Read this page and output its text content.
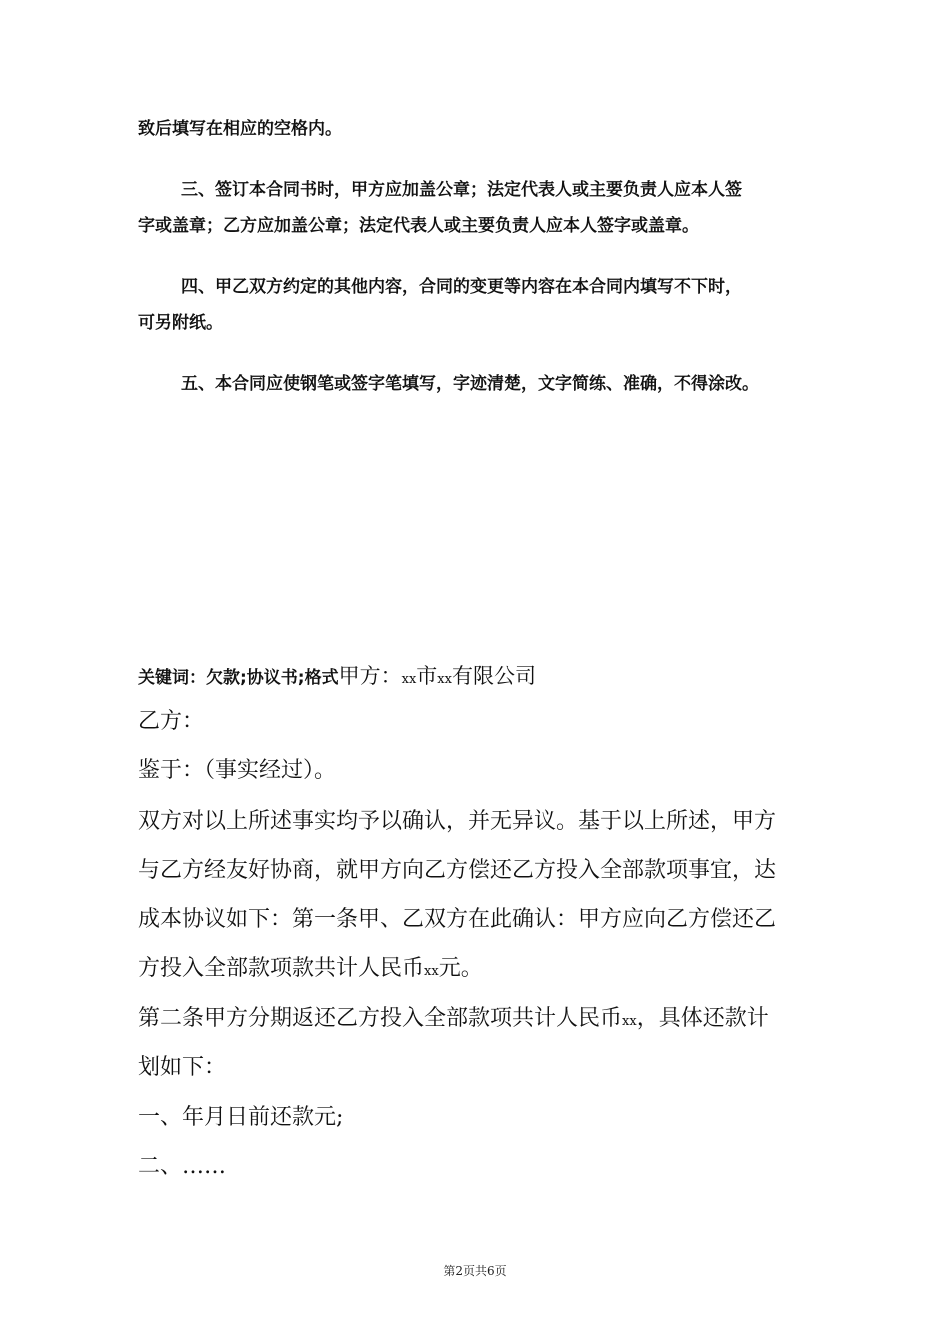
致后填写在相应的空格内。

三、签订本合同书时，甲方应加盖公章；法定代表人或主要负责人应本人签

字或盖章；乙方应加盖公章；法定代表人或主要负责人应本人签字或盖章。

四、甲乙双方约定的其他内容，合同的变更等内容在本合同内填写不下时，

可另附纸。

五、本合同应使钢笔或签字笔填写，字迹清楚，文字简练、准确，不得涂改。

关键词：欠款;协议书;格式甲方：xx市xx有限公司

乙方：

鉴于：（事实经过）。

双方对以上所述事实均予以确认，并无异议。基于以上所述，甲方

与乙方经友好协商，就甲方向乙方偿还乙方投入全部款项事宜，达

成本协议如下：第一条甲、乙双方在此确认：甲方应向乙方偿还乙

方投入全部款项款共计人民币xx元。

第二条甲方分期返还乙方投入全部款项共计人民币xx，具体还款计

划如下：

一、年月日前还款元;

二、……

第2页共6页
